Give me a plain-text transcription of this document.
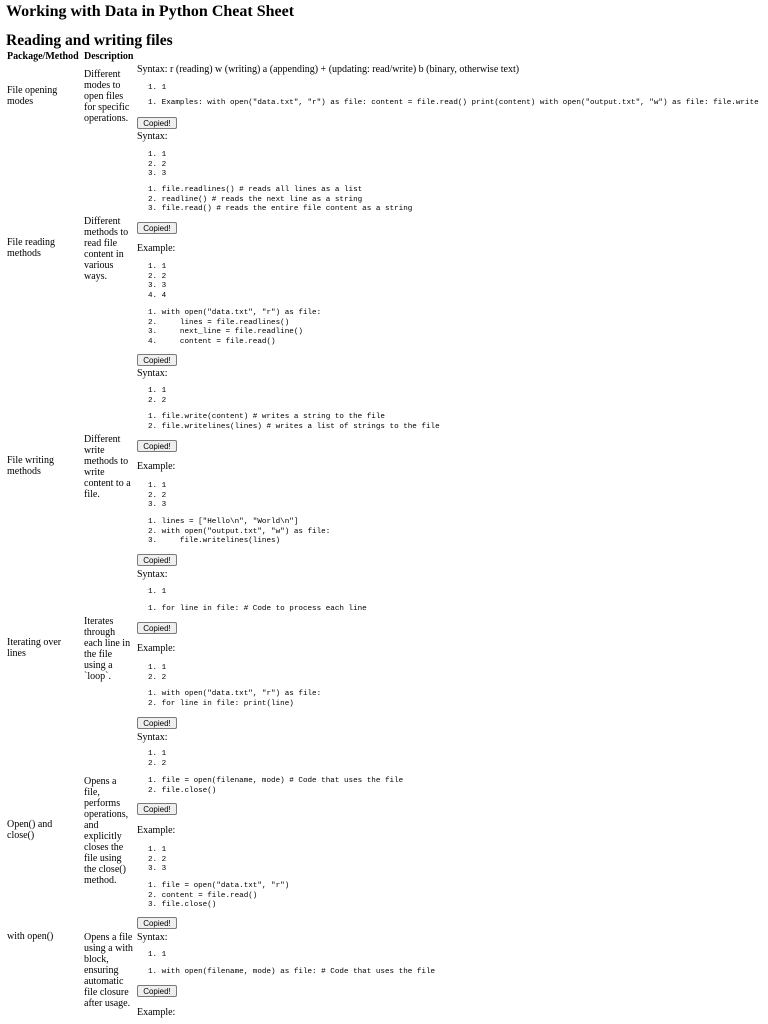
Working with Data in Python Cheat Sheet
Reading and writing files
Package/Method Description
File opening modes
Different modes to open files for specific operations.
Syntax: r (reading) w (writing) a (appending) + (updating: read/write) b (binary, otherwise text)
1. 1
1. Examples: with open("data.txt", "r") as file: content = file.read() print(content) with open("output.txt", "w") as file: file.write
Copied!
File reading methods
Different methods to read file content in various ways.
Syntax:
1. 1
2. 2
3. 3
1. file.readlines() # reads all lines as a list
2. readline() # reads the next line as a string
3. file.read() # reads the entire file content as a string
Copied!
Example:
1. 1
2. 2
3. 3
4. 4
1. with open("data.txt", "r") as file:
2.     lines = file.readlines()
3.     next_line = file.readline()
4.     content = file.read()
Copied!
File writing methods
Different write methods to write content to a file.
Syntax:
1. 1
2. 2
1. file.write(content) # writes a string to the file
2. file.writelines(lines) # writes a list of strings to the file
Copied!
Example:
1. 1
2. 2
3. 3
1. lines = ["Hello\n", "World\n"]
2. with open("output.txt", "w") as file:
3.     file.writelines(lines)
Copied!
Iterating over lines
Iterates through each line in the file using a `loop`.
Syntax:
1. 1
1. for line in file: # Code to process each line
Copied!
Example:
1. 1
2. 2
1. with open("data.txt", "r") as file:
2. for line in file: print(line)
Copied!
Open() and close()
Opens a file, performs operations, and explicitly closes the file using the close() method.
Syntax:
1. 1
2. 2
1. file = open(filename, mode) # Code that uses the file
2. file.close()
Copied!
Example:
1. 1
2. 2
3. 3
1. file = open("data.txt", "r")
2. content = file.read()
3. file.close()
Copied!
with open()	Opens a file using a with block, ensuring automatic file closure after usage.
Syntax:
1. 1
1. with open(filename, mode) as file: # Code that uses the file
Copied!
Example:
